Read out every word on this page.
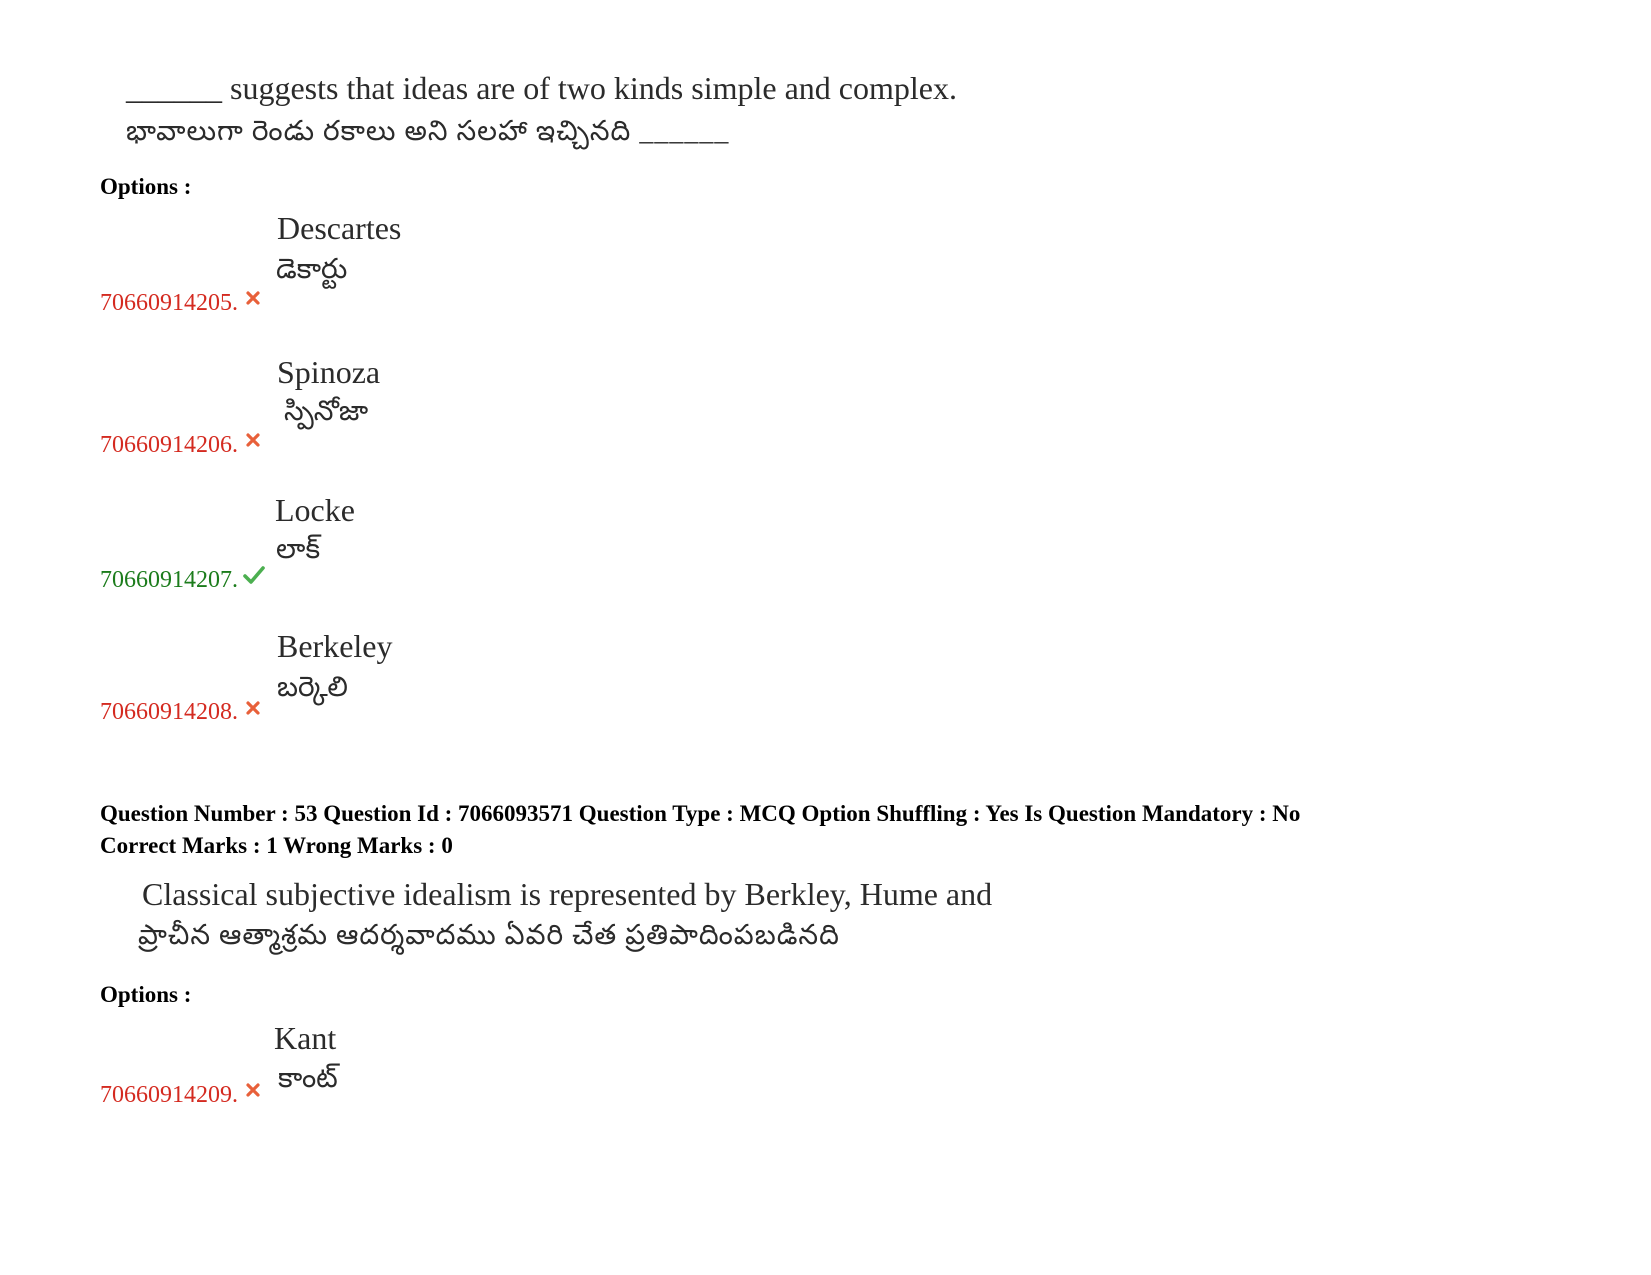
______ suggests that ideas are of two kinds simple and complex.
భావాలుగా రెండు రకాలు అని సలహా ఇచ్చినది ______
Options :
Descartes
డెకార్టు
70660914205.
Spinoza
స్పినోజా
70660914206.
Locke
లాక్
70660914207.
Berkeley
బర్కెలి
70660914208.
Question Number : 53 Question Id : 7066093571 Question Type : MCQ Option Shuffling : Yes Is Question Mandatory : No
Correct Marks : 1 Wrong Marks : 0
Classical subjective idealism is represented by Berkley, Hume and
ప్రాచీన ఆత్మాశ్రమ ఆదర్శవాదము ఏవరి చేత ప్రతిపాదింపబడినది
Options :
Kant
కాంట్
70660914209.
